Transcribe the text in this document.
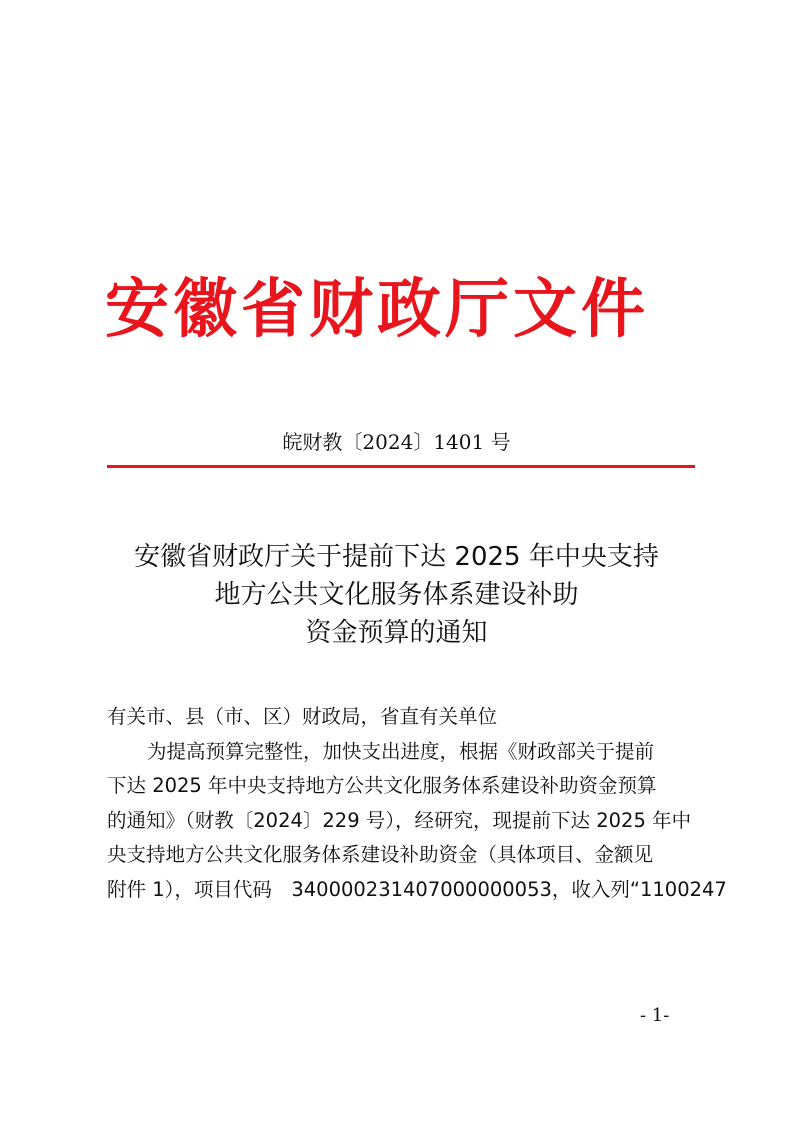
安徽省财政厅文件
皖财教〔2024〕1401 号
安徽省财政厅关于提前下达 2025 年中央支持
地方公共文化服务体系建设补助
资金预算的通知
有关市、县（市、区）财政局，省直有关单位
为提高预算完整性，加快支出进度，根据《财政部关于提前
下达 2025 年中央支持地方公共文化服务体系建设补助资金预算
的通知》（财教〔2024〕229 号），经研究，现提前下达 2025 年中
央支持地方公共文化服务体系建设补助资金（具体项目、金额见
附件 1），项目代码　340000231407000000053，收入列“1100247
- 1-
